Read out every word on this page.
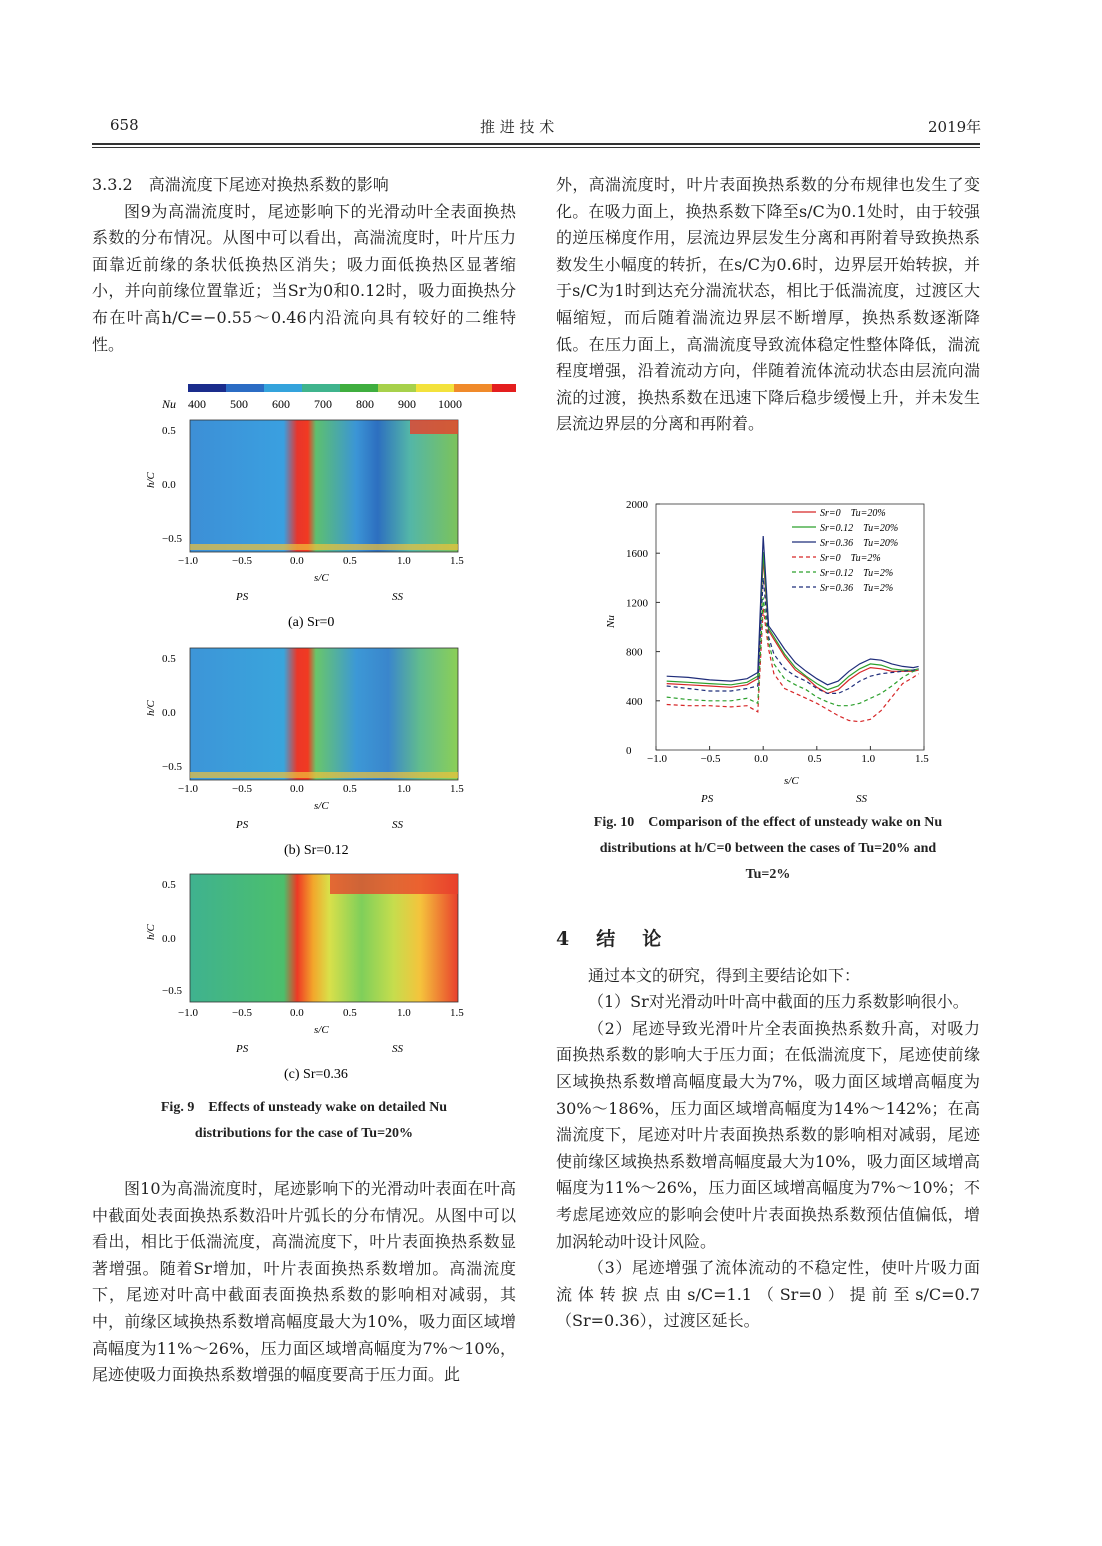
658	推 进 技 术	2019年

3.3.2　高湍流度下尾迹对换热系数的影响

图9为高湍流度时，尾迹影响下的光滑动叶全表面换热系数的分布情况。从图中可以看出，高湍流度时，叶片压力面靠近前缘的条状低换热区消失；吸力面低换热区显著缩小，并向前缘位置靠近；当Sr为0和0.12时，吸力面换热分布在叶高h/C=−0.55～0.46内沿流向具有较好的二维特性。

Nu 400 500 600 700 800 900 1000
0.5
0.0
−0.5
h/C
−1.0	−0.5	0.0	0.5	1.0	1.5
s/C
PS	SS
(a) Sr=0
0.5
0.0
−0.5
h/C
−1.0	−0.5	0.0	0.5	1.0	1.5
s/C
PS	SS
(b) Sr=0.12
0.5
0.0
−0.5
h/C
−1.0	−0.5	0.0	0.5	1.0	1.5
s/C
PS	SS
(c) Sr=0.36
Fig. 9　Effects of unsteady wake on detailed Nu
distributions for the case of Tu=20%

图10为高湍流度时，尾迹影响下的光滑动叶表面在叶高中截面处表面换热系数沿叶片弧长的分布情况。从图中可以看出，相比于低湍流度，高湍流度下，叶片表面换热系数显著增强。随着Sr增加，叶片表面换热系数增加。高湍流度下，尾迹对叶高中截面表面换热系数的影响相对减弱，其中，前缘区域换热系数增高幅度最大为10%，吸力面区域增高幅度为11%～26%，压力面区域增高幅度为7%～10%，尾迹使吸力面换热系数增强的幅度要高于压力面。此

外，高湍流度时，叶片表面换热系数的分布规律也发生了变化。在吸力面上，换热系数下降至s/C为0.1处时，由于较强的逆压梯度作用，层流边界层发生分离和再附着导致换热系数发生小幅度的转折，在s/C为0.6时，边界层开始转捩，并于s/C为1时到达充分湍流状态，相比于低湍流度，过渡区大幅缩短，而后随着湍流边界层不断增厚，换热系数逐渐降低。在压力面上，高湍流度导致流体稳定性整体降低，湍流程度增强，沿着流动方向，伴随着流体流动状态由层流向湍流的过渡，换热系数在迅速下降后稳步缓慢上升，并未发生层流边界层的分离和再附着。

−1.0	−0.5	0.0	0.5	1.0	1.5
0
400
800
1200
1600
2000
Sr=0　Tu=20%
Sr=0.12　Tu=20%
Sr=0.36　Tu=20%
Sr=0　Tu=2%
Sr=0.12　Tu=2%
Sr=0.36　Tu=2%
s/C
PS	SS
Nu
Fig. 10　Comparison of the effect of unsteady wake on Nu
distributions at h/C=0 between the cases of Tu=20% and
Tu=2%

4　结　论

通过本文的研究，得到主要结论如下：

（1）Sr对光滑动叶叶高中截面的压力系数影响很小。

（2）尾迹导致光滑叶片全表面换热系数升高，对吸力面换热系数的影响大于压力面；在低湍流度下，尾迹使前缘区域换热系数增高幅度最大为7%，吸力面区域增高幅度为30%～186%，压力面区域增高幅度为14%～142%；在高湍流度下，尾迹对叶片表面换热系数的影响相对减弱，尾迹使前缘区域换热系数增高幅度最大为10%，吸力面区域增高幅度为11%～26%，压力面区域增高幅度为7%～10%；不考虑尾迹效应的影响会使叶片表面换热系数预估值偏低，增加涡轮动叶设计风险。

（3）尾迹增强了流体流动的不稳定性，使叶片吸力面流体转捩点由s/C=1.1（Sr=0）提前至s/C=0.7（Sr=0.36），过渡区延长。
